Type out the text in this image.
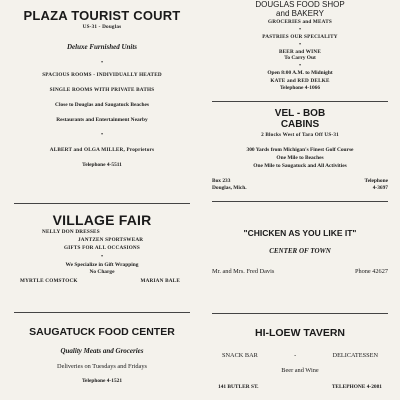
PLAZA TOURIST COURT
US-31 - Douglas
Deluxe Furnished Units
•
SPACIOUS ROOMS - INDIVIDUALLY HEATED
SINGLE ROOMS WITH PRIVATE BATHS
Close to Douglas and Saugatuck Beaches
Restaurants and Entertainment Nearby
•
ALBERT and OLGA MILLER, Proprietors
Telephone 4-5511
VILLAGE FAIR
NELLY DON DRESSES
JANTZEN SPORTSWEAR
GIFTS FOR ALL OCCASIONS
•
We Specialize in Gift Wrapping
No Charge
MYRTLE COMSTOCK	MARIAN BALE
SAUGATUCK FOOD CENTER
Quality Meats and Groceries
Deliveries on Tuesdays and Fridays
Telephone 4-1521
DOUGLAS FOOD SHOP
and BAKERY
GROCERIES and MEATS
•
PASTRIES OUR SPECIALITY
•
BEER and WINE
To Carry Out
•
Open 8:00 A.M. to Midnight
KATE and RED DELKE
Telephone 4-1066
VEL - BOB
CABINS
2 Blocks West of Tara Off US-31
300 Yards from Michigan's Finest Golf Course
One Mile to Beaches
One Mile to Saugatuck and All Activities
Box 233	Telephone
Douglas, Mich.	4-3697
"CHICKEN AS YOU LIKE IT"
CENTER OF TOWN
Mr. and Mrs. Fred Davis	Phone 42627
HI-LOEW TAVERN
SNACK BAR	-	DELICATESSEN
Beer and Wine
141 BUTLER ST.	TELEPHONE 4-2081
